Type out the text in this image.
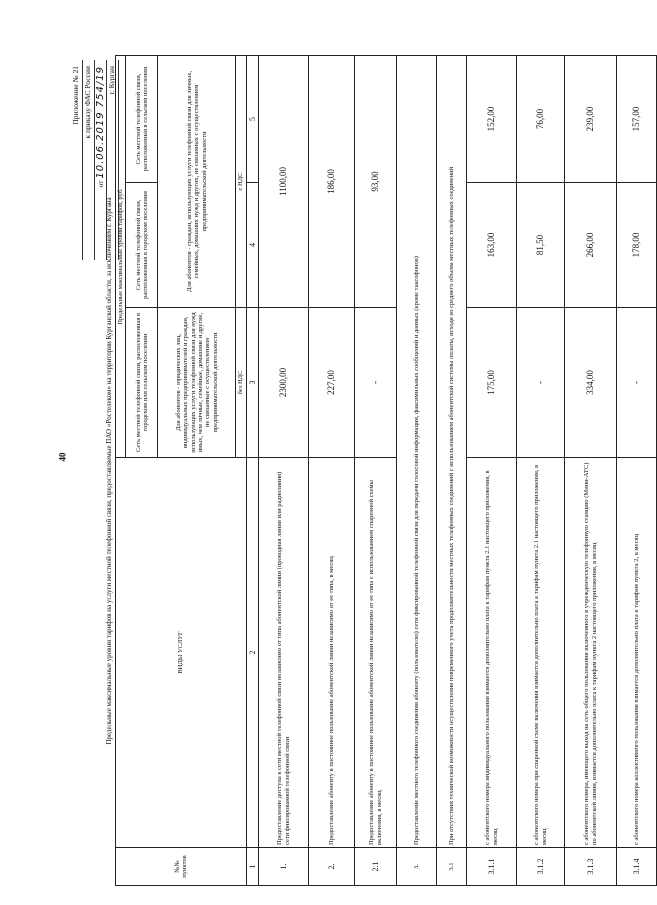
40
Приложение № 21 к приказу ФАС России
от 10.06.2019 754/19 г. Курган
Предельные максимальные уровни тарифов на услуги местной телефонной связи, предоставляемые ПАО «Ростелеком» на территории Курганской области, за исключением г. Кургана
№№ пунктов	ВИДЫ УСЛУГ	Предельные максимальные уровни тарифов, руб.		
		Сеть местной телефонной связи, расположенная в городском или сельском поселении	Сеть местной телефонной связи, расположенная в городском поселении	Сеть местной телефонной связи, расположенная в сельском поселении
		Для абонентов - юридических лиц, индивидуальных предпринимателей и граждан, использующих услуги телефонной связи для нужд иных, чем личные, семейные, домашние и другие, не связанные с осуществлением предпринимательской деятельности	Для абонентов - граждан, использующих услуги телефонной связи для личных, семейных, домашних нужд и других, не связанных с осуществлением предпринимательской деятельности	
		без НДС	с НДС	
1	2	3	4	5
1.	Предоставление доступа к сети местной телефонной связи независимо от типа абонентской линии (проводная линия или радиолиния) сети фиксированной телефонной связи	2300,00	1100,00	
2.	Предоставление абоненту в постоянное пользование абонентской линии независимо от ее типа, в месяц	227,00	186,00	
2.1	Предоставление абоненту в постоянное пользование абонентской линии независимо от ее типа с использованием спаренной схемы включения, в месяц	-	93,00	
3.	Предоставление местного телефонного соединения абоненту (пользователю) сети фиксированной телефонной связи для передачи голосовой информации, факсимильных сообщений и данных (кроме таксофонов)			
3.1	При отсутствии технической возможности осуществления повременного учета продолжительности местных телефонных соединений с использованием абонентской системы оплаты, исходя из среднего объема местных телефонных соединений			
3.1.1	с абонентского номера индивидуального пользования взимается дополнительно плата к тарифам пункта 2.1 настоящего приложения, в месяц	175,00	163,00	152,00
3.1.2	с абонентского номера при спаренной схеме включения взимается дополнительно плата к тарифам пункта 2.1 настоящего приложения, в месяц	-	81,50	76,00
3.1.3	с абонентского номера, имеющего выход на сеть общего пользования включенного в учрежденческую телефонную станцию (Мини-АТС) по абонентской линии, взимается дополнительно плата к тарифам пункта 2 настоящего приложения, в месяц	334,00	266,00	239,00
3.1.4	с абонентского номера коллективного пользования взимается дополнительно плата к тарифам пункта 2, в месяц	-	178,00	157,00
